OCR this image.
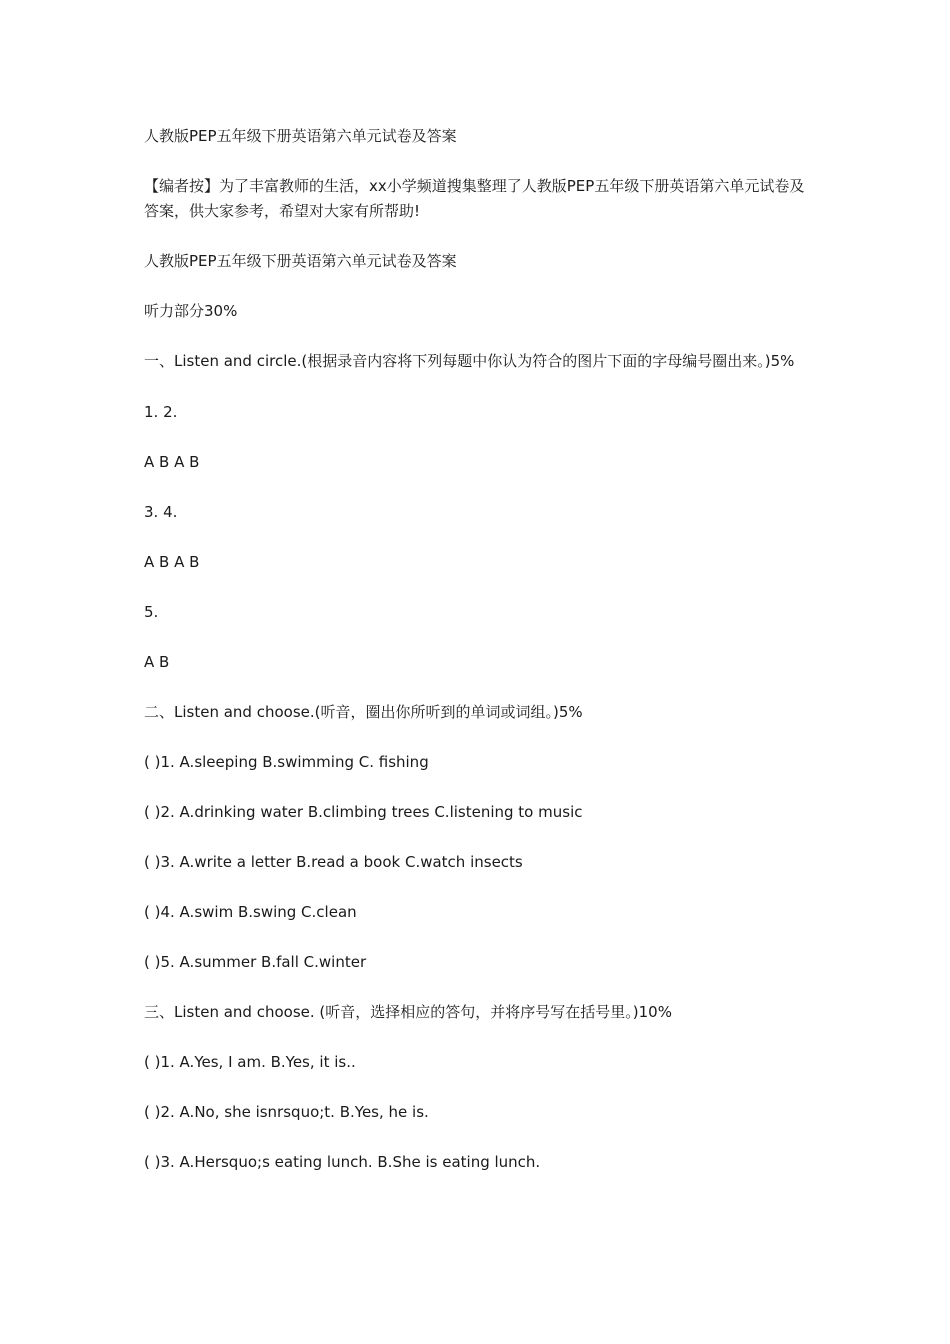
人教版PEP五年级下册英语第六单元试卷及答案

【编者按】为了丰富教师的生活，xx小学频道搜集整理了人教版PEP五年级下册英语第六单元试卷及答案，供大家参考，希望对大家有所帮助!

人教版PEP五年级下册英语第六单元试卷及答案

听力部分30%

一、Listen and circle.(根据录音内容将下列每题中你认为符合的图片下面的字母编号圈出来。)5%

1. 2.

A B A B

3. 4.

A B A B

5.

A B

二、Listen and choose.(听音，圈出你所听到的单词或词组。)5%

( )1. A.sleeping B.swimming C. fishing

( )2. A.drinking water B.climbing trees C.listening to music

( )3. A.write a letter B.read a book C.watch insects

( )4. A.swim B.swing C.clean

( )5. A.summer B.fall C.winter

三、Listen and choose. (听音，选择相应的答句，并将序号写在括号里。)10%

( )1. A.Yes, I am. B.Yes, it is..

( )2. A.No, she isnrsquo;t. B.Yes, he is.

( )3. A.Hersquo;s eating lunch. B.She is eating lunch.
